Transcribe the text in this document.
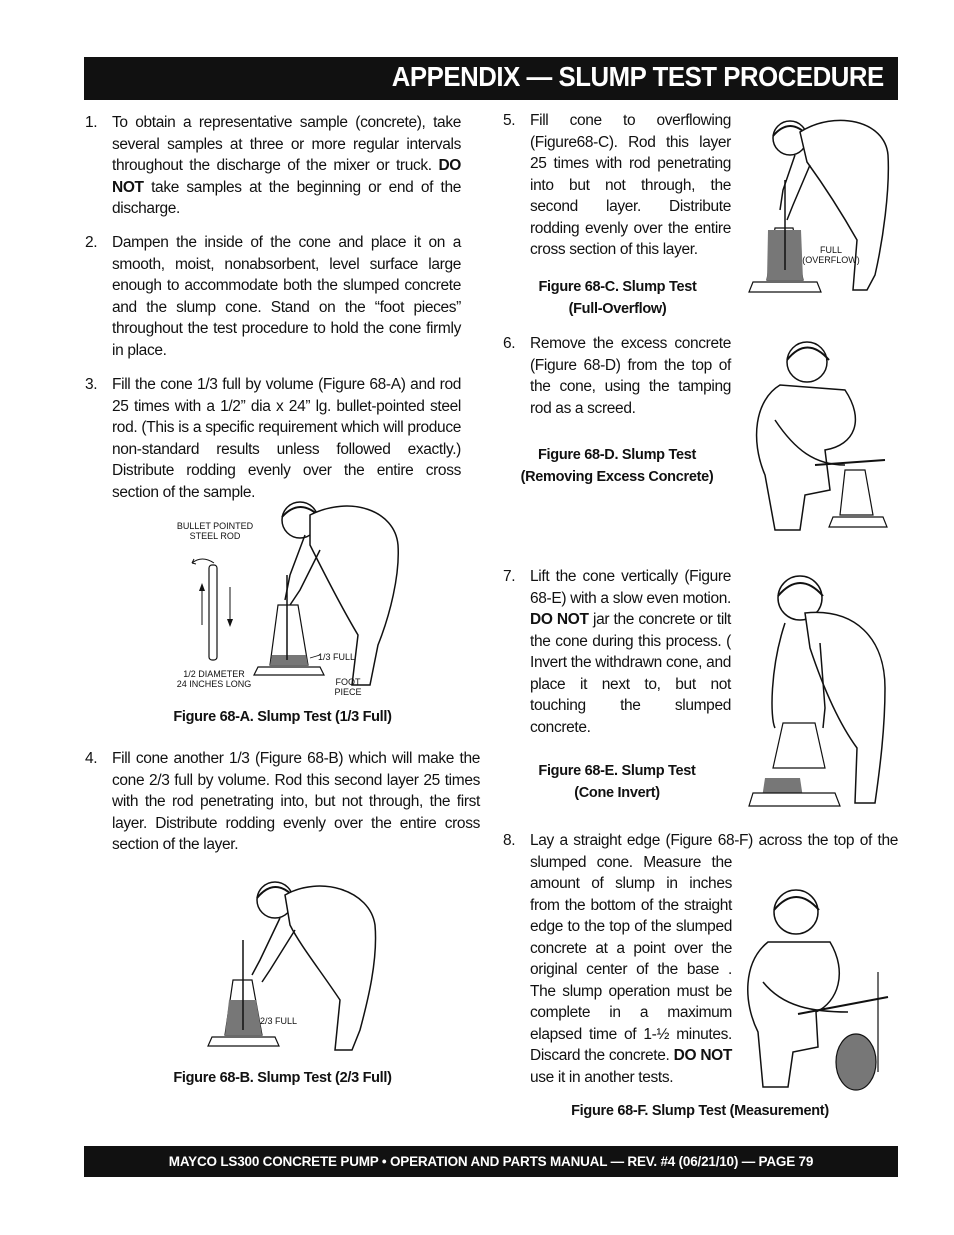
APPENDIX — SLUMP TEST PROCEDURE
1. To obtain a representative sample (concrete), take several samples at three or more regular intervals throughout the discharge of the mixer or truck. DO NOT take samples at the beginning or end of the discharge.
2. Dampen the inside of the cone and place it on a smooth, moist, nonabsorbent, level surface large enough to accommodate both the slumped concrete and the slump cone. Stand on the “foot pieces” throughout the test procedure to hold the cone firmly in place.
3. Fill the cone 1/3 full by volume (Figure 68-A) and rod 25 times with a 1/2” dia x 24” lg. bullet-pointed steel rod. (This is a specific requirement which will produce non-standard results unless followed exactly.) Distribute rodding evenly over the entire cross section of the sample.
BULLET POINTED
STEEL ROD
1/2 DIAMETER
24 INCHES LONG
1/3 FULL
FOOT
PIECE
Figure 68-A. Slump Test (1/3 Full)
4. Fill cone another 1/3 (Figure 68-B) which will make the cone 2/3 full by volume. Rod this second layer 25 times with the rod penetrating into, but not through, the first layer. Distribute rodding evenly over the entire cross section of the layer.
2/3 FULL
Figure 68-B. Slump Test (2/3 Full)
5. Fill cone to overflowing (Figure68-C). Rod this layer 25 times with rod penetrating into but not through, the second layer. Distribute rodding evenly over the entire cross section of this layer.
Figure 68-C. Slump Test
(Full-Overflow)
FULL
(OVERFLOW)
6. Remove the excess concrete (Figure 68-D) from the top of the cone, using the tamping rod as a screed.
Figure 68-D. Slump Test
(Removing Excess Concrete)
7. Lift the cone vertically (Figure 68-E) with a slow even motion. DO NOT jar the concrete or tilt the cone during this process. ( Invert the withdrawn cone, and place it next to, but not touching the slumped concrete.
Figure 68-E. Slump Test
(Cone Invert)
8. Lay a straight edge (Figure 68-F) across the top of the slumped cone. Measure the amount of slump in inches from the bottom of the straight edge to the top of the slumped concrete at a point over the original center of the base . The slump operation must be complete in a maximum elapsed time of 1-½ minutes. Discard the concrete. DO NOT use it in another tests.
Figure 68-F. Slump Test (Measurement)
MAYCO LS300 CONCRETE PUMP • OPERATION AND PARTS MANUAL — REV. #4 (06/21/10) — PAGE 79
